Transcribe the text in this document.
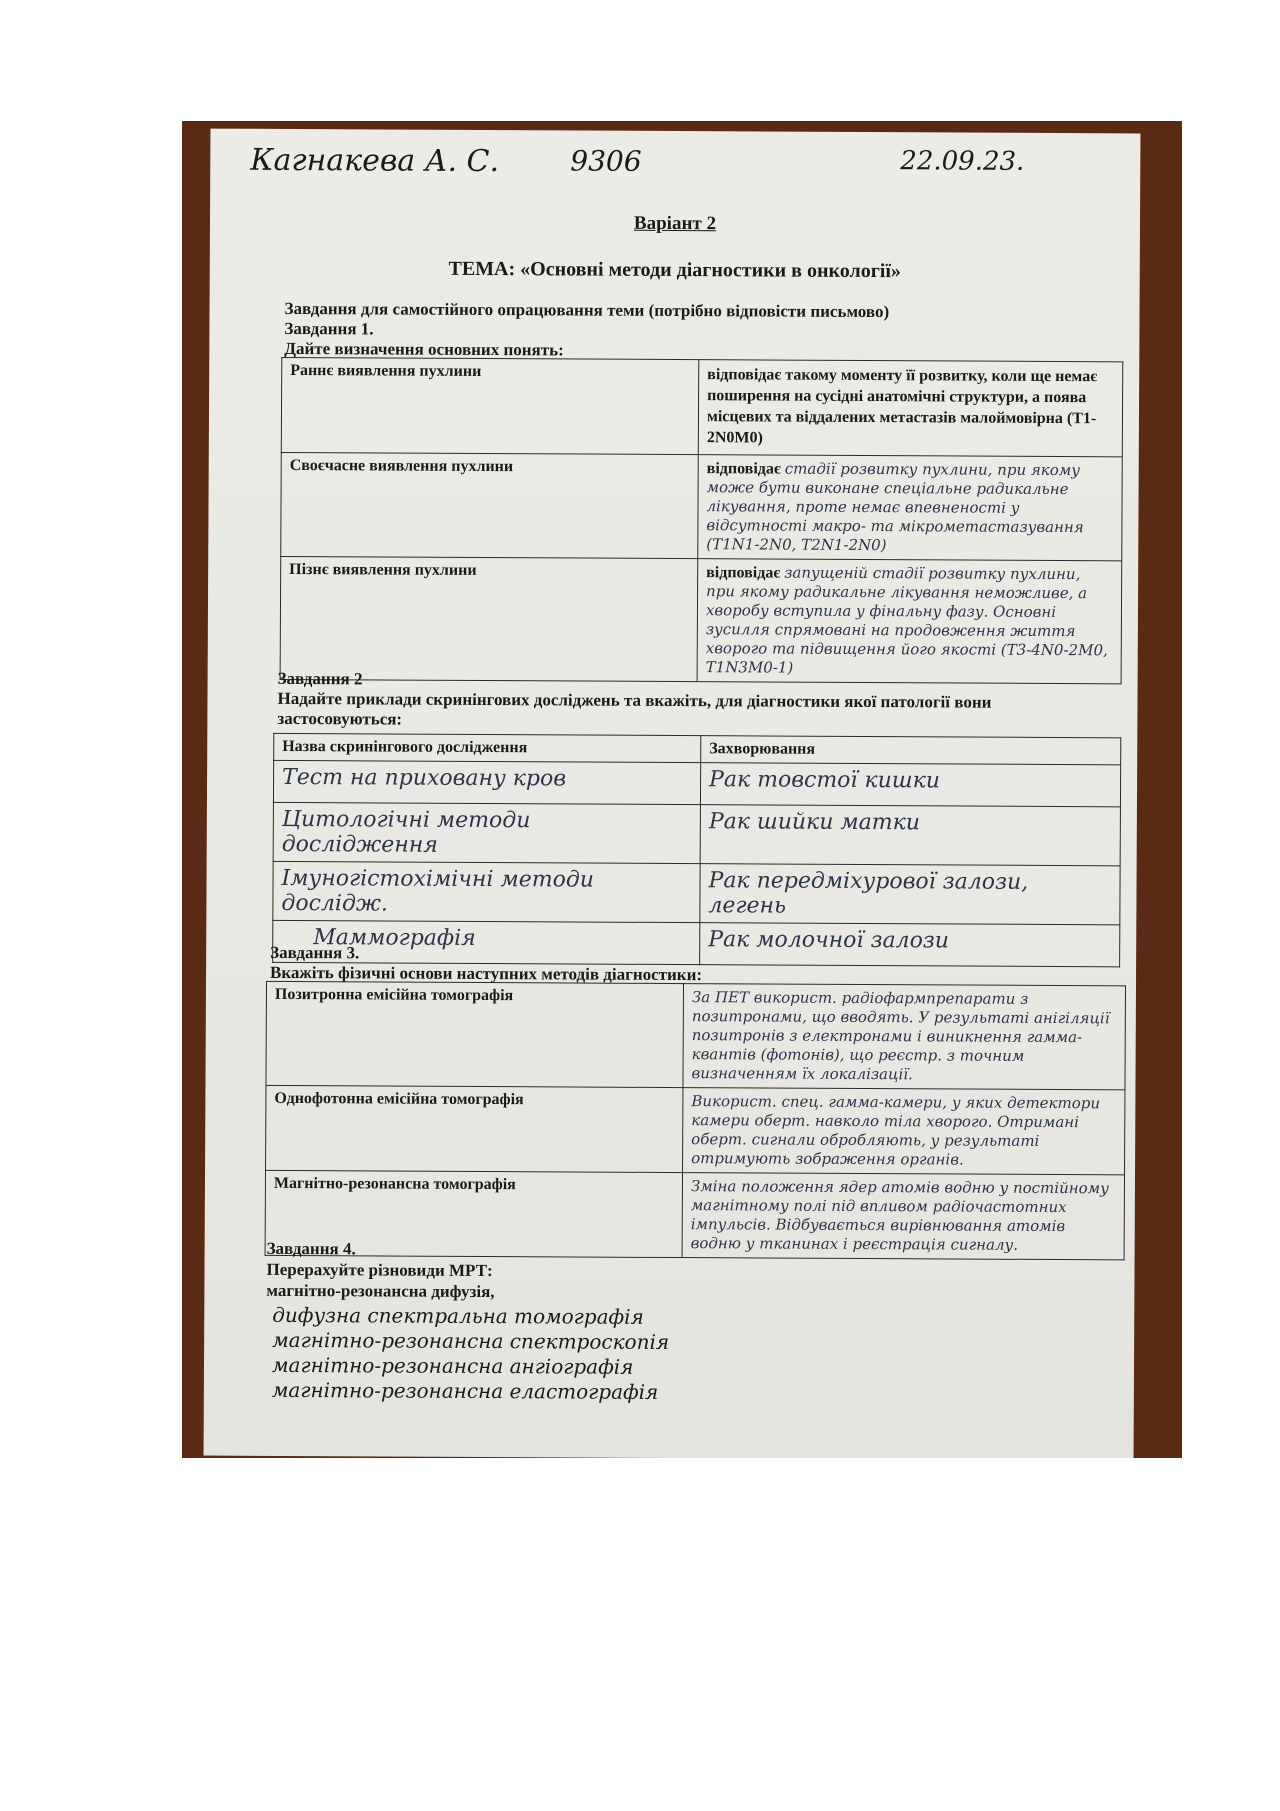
Кагнакева А. С.	9306	22.09.23.
Варіант 2
ТЕМА: «Основні методи діагностики в онкології»
Завдання для самостійного опрацювання теми (потрібно відповісти письмово)
Завдання 1.
Дайте визначення основних понять:
Раннє виявлення пухлини	відповідає такому моменту її розвитку, коли ще немає поширення на сусідні анатомічні структури, а поява місцевих та віддалених метастазів малоймовірна (T1-2N0M0)
Своєчасне виявлення пухлини	відповідає стадії розвитку пухлини, при якому може бути виконане спеціальне радикальне лікування, проте немає впевненості у відсутності макро- та мікрометастазування (T1N1-2N0, T2N1-2N0)
Пізнє виявлення пухлини	відповідає запущеній стадії розвитку пухлини, при якому радикальне лікування неможливе, а хворобу вступила у фінальну фазу. Основні зусилля спрямовані на продовження життя хворого та підвищення його якості (T3-4N0-2M0, T1N3M0-1)
Завдання 2
Надайте приклади скринінгових досліджень та вкажіть, для діагностики якої патології вони застосовуються:
Назва скринінгового дослідження	Захворювання
Тест на приховану кров	Рак товстої кишки
Цитологічні методи дослідження	Рак шийки матки
Імуногістохімічні методи дослідж.	Рак передміхурової залози, легень
Маммографія	Рак молочної залози
Завдання 3.
Вкажіть фізичні основи наступних методів діагностики:
Позитронна емісійна томографія	За ПЕТ використ. радіофармпрепарати з позитронами, що вводять. У результаті анігіляції позитронів з електронами і виникнення гамма-квантів (фотонів), що реєстр. з точним визначенням їх локалізації.
Однофотонна емісійна томографія	Використ. спец. гамма-камери, у яких детектори камери оберт. навколо тіла хворого. Отримані оберт. сигнали обробляють, у результаті отримують зображення органів.
Магнітно-резонансна томографія	Зміна положення ядер атомів водню у постійному магнітному полі під впливом радіочастотних імпульсів. Відбувається вирівнювання атомів водню у тканинах і реєстрація сигналу.
Завдання 4.
Перерахуйте різновиди МРТ:
магнітно-резонансна дифузія,
дифузна спектральна томографія
магнітно-резонансна спектроскопія
магнітно-резонансна ангіографія
магнітно-резонансна еластографія
